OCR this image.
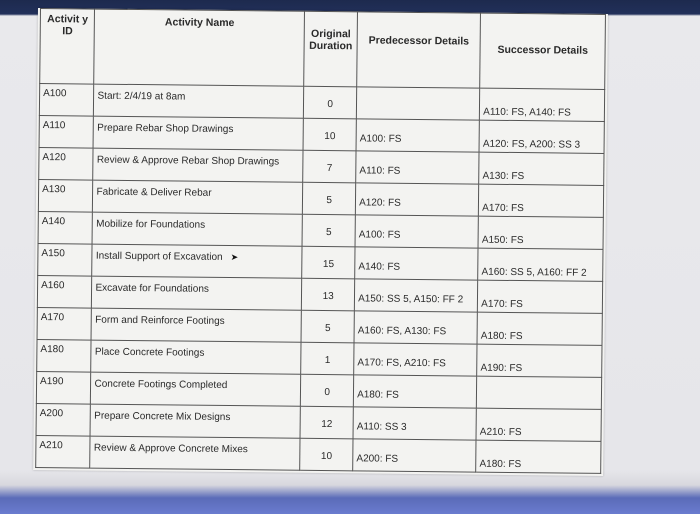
Activit y ID	Activity Name	Original Duration	Predecessor Details	Successor Details
A100	Start: 2/4/19 at 8am	0		A110: FS, A140: FS
A110	Prepare Rebar Shop Drawings	10	A100: FS	A120: FS, A200: SS 3
A120	Review & Approve Rebar Shop Drawings	7	A110: FS	A130: FS
A130	Fabricate & Deliver Rebar	5	A120: FS	A170: FS
A140	Mobilize for Foundations	5	A100: FS	A150: FS
A150	Install Support of Excavation ➤	15	A140: FS	A160: SS 5, A160: FF 2
A160	Excavate for Foundations	13	A150: SS 5, A150: FF 2	A170: FS
A170	Form and Reinforce Footings	5	A160: FS, A130: FS	A180: FS
A180	Place Concrete Footings	1	A170: FS, A210: FS	A190: FS
A190	Concrete Footings Completed	0	A180: FS	
A200	Prepare Concrete Mix Designs	12	A110: SS 3	A210: FS
A210	Review & Approve Concrete Mixes	10	A200: FS	A180: FS
